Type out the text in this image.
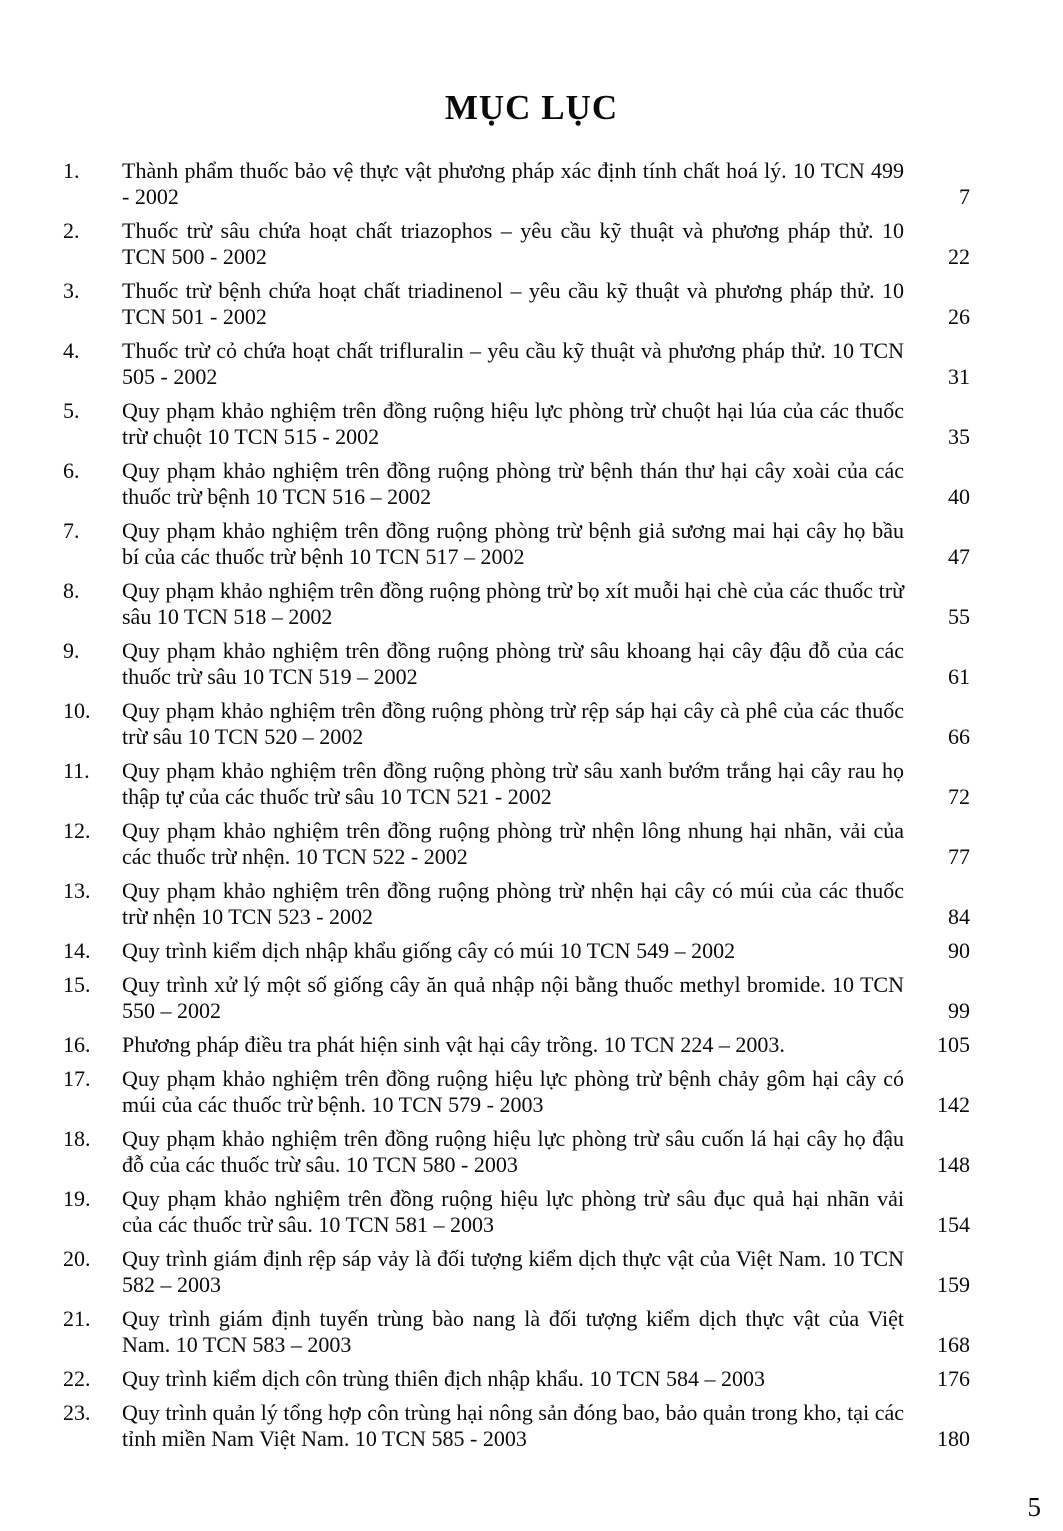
MỤC LỤC
1.	Thành phẩm thuốc bảo vệ thực vật phương pháp xác định tính chất hoá lý. 10 TCN 499 - 2002	7
2.	Thuốc trừ sâu chứa hoạt chất triazophos – yêu cầu kỹ thuật và phương pháp thử. 10 TCN 500 - 2002	22
3.	Thuốc trừ bệnh chứa hoạt chất triadinenol – yêu cầu kỹ thuật và phương pháp thử. 10 TCN 501 - 2002	26
4.	Thuốc trừ cỏ chứa hoạt chất trifluralin – yêu cầu kỹ thuật và phương pháp thử. 10 TCN 505 - 2002	31
5.	Quy phạm khảo nghiệm trên đồng ruộng hiệu lực phòng trừ chuột hại lúa của các thuốc trừ chuột 10 TCN 515 - 2002	35
6.	Quy phạm khảo nghiệm trên đồng ruộng phòng trừ bệnh thán thư hại cây xoài của các thuốc trừ bệnh 10 TCN 516 – 2002	40
7.	Quy phạm khảo nghiệm trên đồng ruộng phòng trừ bệnh giả sương mai hại cây họ bầu bí của các thuốc trừ bệnh 10 TCN 517 – 2002	47
8.	Quy phạm khảo nghiệm trên đồng ruộng phòng trừ bọ xít muỗi hại chè của các thuốc trừ sâu 10 TCN 518 – 2002	55
9.	Quy phạm khảo nghiệm trên đồng ruộng phòng trừ sâu khoang hại cây đậu đỗ của các thuốc trừ sâu 10 TCN 519 – 2002	61
10.	Quy phạm khảo nghiệm trên đồng ruộng phòng trừ rệp sáp hại cây cà phê của các thuốc trừ sâu 10 TCN 520 – 2002	66
11.	Quy phạm khảo nghiệm trên đồng ruộng phòng trừ sâu xanh bướm trắng hại cây rau họ thập tự của các thuốc trừ sâu 10 TCN 521 - 2002	72
12.	Quy phạm khảo nghiệm trên đồng ruộng phòng trừ nhện lông nhung hại nhãn, vải của các thuốc trừ nhện. 10 TCN 522 - 2002	77
13.	Quy phạm khảo nghiệm trên đồng ruộng phòng trừ nhện hại cây có múi của các thuốc trừ nhện 10 TCN 523 - 2002	84
14.	Quy trình kiểm dịch nhập khẩu giống cây có múi 10 TCN 549 – 2002	90
15.	Quy trình xử lý một số giống cây ăn quả nhập nội bằng thuốc methyl bromide. 10 TCN 550 – 2002	99
16.	Phương pháp điều tra phát hiện sinh vật hại cây trồng. 10 TCN 224 – 2003.	105
17.	Quy phạm khảo nghiệm trên đồng ruộng hiệu lực phòng trừ bệnh chảy gôm hại cây có múi của các thuốc trừ bệnh. 10 TCN 579 - 2003	142
18.	Quy phạm khảo nghiệm trên đồng ruộng hiệu lực phòng trừ sâu cuốn lá hại cây họ đậu đỗ của các thuốc trừ sâu. 10 TCN 580 - 2003	148
19.	Quy phạm khảo nghiệm trên đồng ruộng hiệu lực phòng trừ sâu đục quả hại nhãn vải của các thuốc trừ sâu. 10 TCN 581 – 2003	154
20.	Quy trình giám định rệp sáp vảy là đối tượng kiểm dịch thực vật của Việt Nam. 10 TCN 582 – 2003	159
21.	Quy trình giám định tuyến trùng bào nang là đối tượng kiểm dịch thực vật của Việt Nam. 10 TCN 583 – 2003	168
22.	Quy trình kiểm dịch côn trùng thiên địch nhập khẩu. 10 TCN 584 – 2003	176
23.	Quy trình quản lý tổng hợp côn trùng hại nông sản đóng bao, bảo quản trong kho, tại các tỉnh miền Nam Việt Nam. 10 TCN 585 - 2003	180
5
